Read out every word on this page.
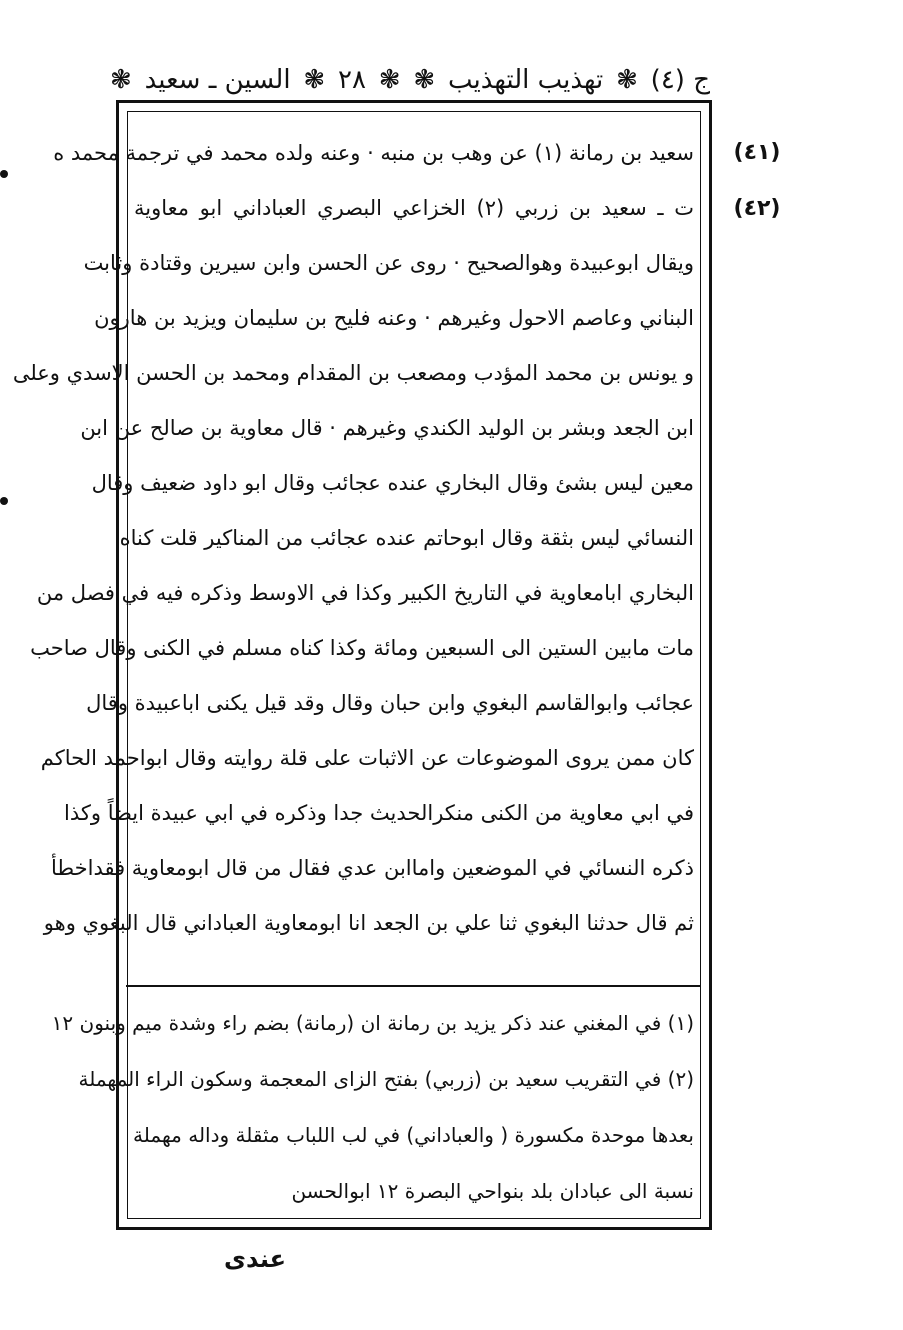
ج (٤)
❃
تهذيب التهذيب
❃
❃
٢٨
❃
السين ـ سعيد
❃
(٤١)
(٤٢)
سعيد بن رمانة (١) عن وهب بن منبه · وعنه ولده محمد في ترجمة محمد ه
ت ـ سعيد بن زربي (٢) الخزاعي البصري العباداني ابو معاوية
ويقال ابوعبيدة وهوالصحيح · روى عن الحسن وابن سيرين وقتادة وثابت
البناني وعاصم الاحول وغيرهم · وعنه فليح بن سليمان ويزيد بن هارون
و يونس بن محمد المؤدب ومصعب بن المقدام ومحمد بن الحسن الاسدي وعلى
ابن الجعد وبشر بن الوليد الكندي وغيرهم · قال معاوية بن صالح عن ابن
معين ليس بشئ وقال البخاري عنده عجائب وقال ابو داود ضعيف وقال
النسائي ليس بثقة وقال ابوحاتم عنده عجائب من المناكير قلت كناه
البخاري ابامعاوية في التاريخ الكبير وكذا في الاوسط وذكره فيه في فصل من
مات مابين الستين الى السبعين ومائة وكذا كناه مسلم في الكنى وقال صاحب
عجائب وابوالقاسم البغوي وابن حبان وقال وقد قيل يكنى اباعبيدة وقال
كان ممن يروى الموضوعات عن الاثبات على قلة روايته وقال ابواحمد الحاكم
في ابي معاوية من الكنى منكرالحديث جدا وذكره في ابي عبيدة ايضاً وكذا
ذكره النسائي في الموضعين واماابن عدي فقال من قال ابومعاوية فقداخطأ
ثم قال حدثنا البغوي ثنا علي بن الجعد انا ابومعاوية العباداني قال البغوي وهو
(١) في المغني عند ذكر يزيد بن رمانة ان (رمانة) بضم راء وشدة ميم وبنون ١٢
(٢) في التقريب سعيد بن (زربي) بفتح الزاى المعجمة وسكون الراء المهملة
بعدها موحدة مكسورة ( والعباداني) في لب اللباب مثقلة وداله مهملة
نسبة الى عبادان بلد بنواحي البصرة ١٢ ابوالحسن
عندى
